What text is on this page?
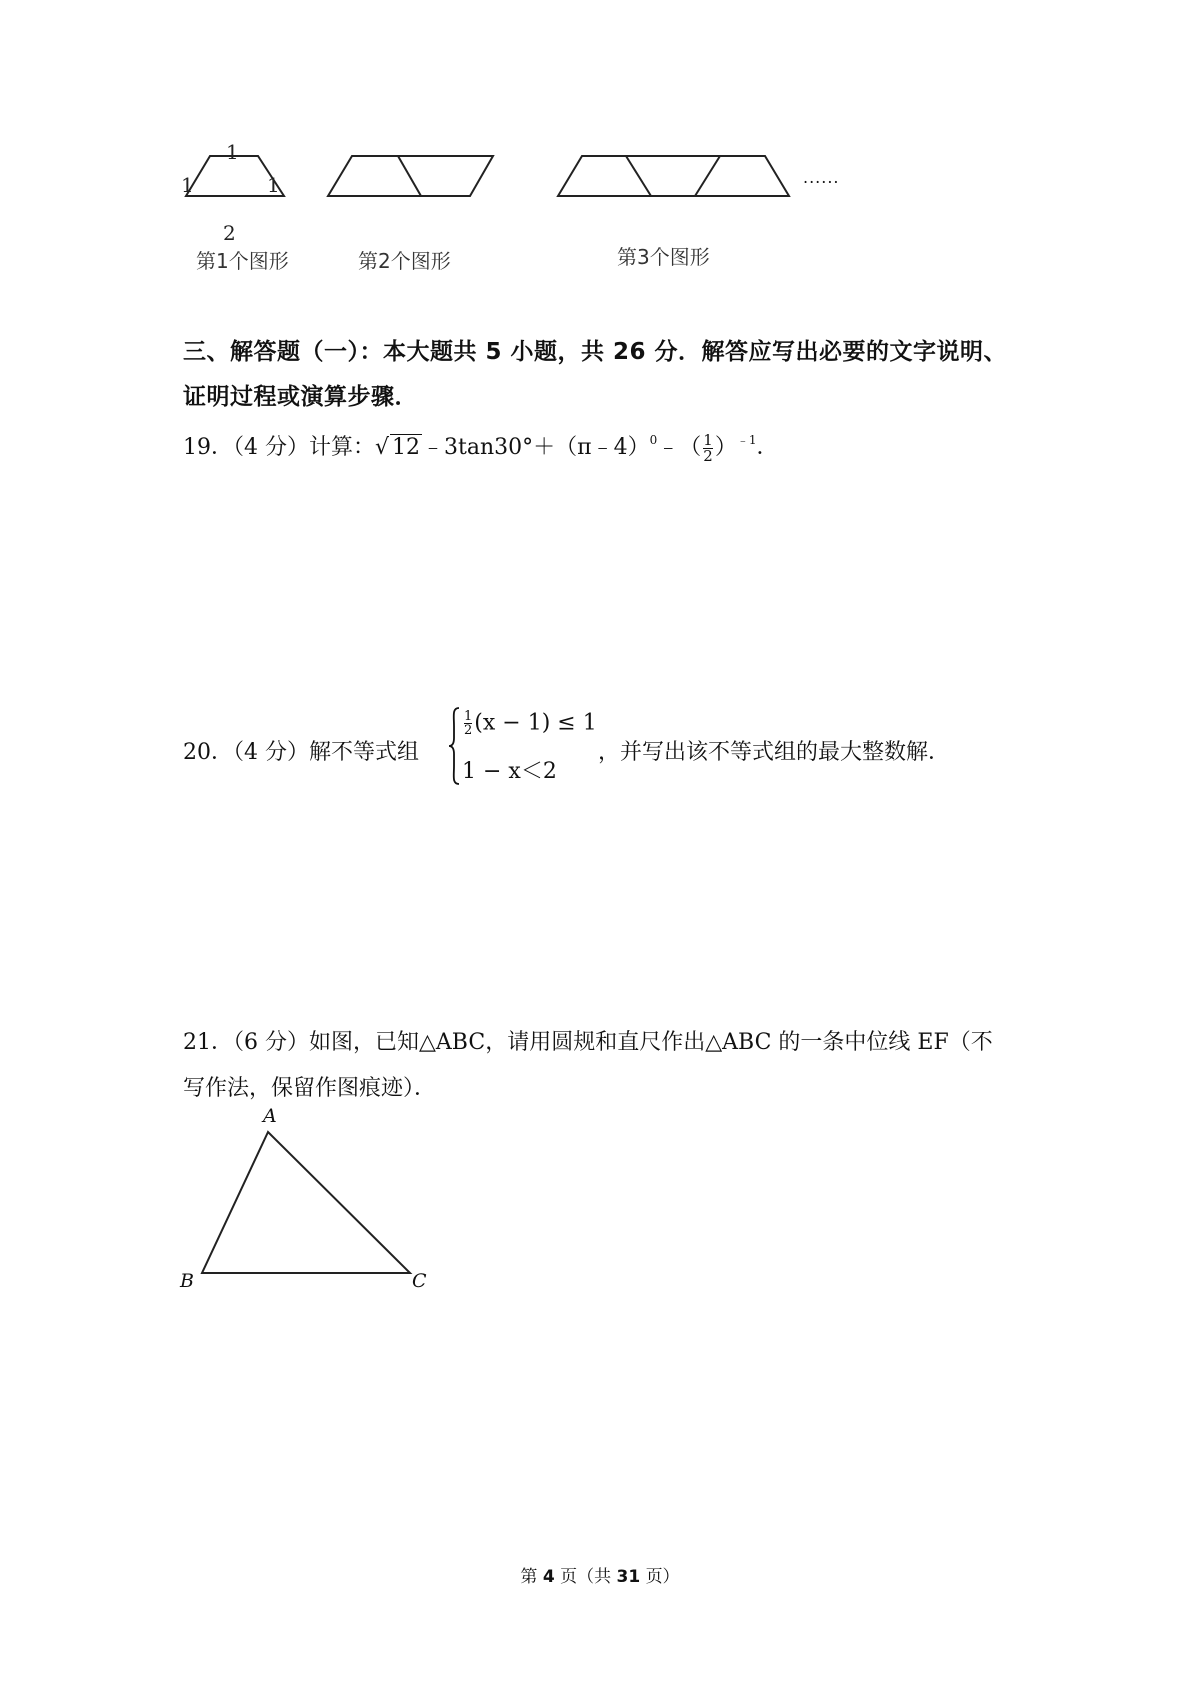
1
1	1
2
......
第1个图形	第2个图形	第3个图形
三、解答题（一）：本大题共 5 小题，共 26 分．解答应写出必要的文字说明、
证明过程或演算步骤．
19．（4 分）计算：√ 12﹣3tan30°＋（π﹣4）$^0$﹣（ $\frac{1}{2} )^{﹣1}$．
20．（4 分）解不等式组
$\frac{1}{2} (x - 1) \le 1$
1 − x＜2
，并写出该不等式组的最大整数解．
21．（6 分）如图，已知△ABC，请用圆规和直尺作出△ABC 的一条中位线 EF（不
写作法，保留作图痕迹）．
A
B	C
第 4 页（共 31 页）
